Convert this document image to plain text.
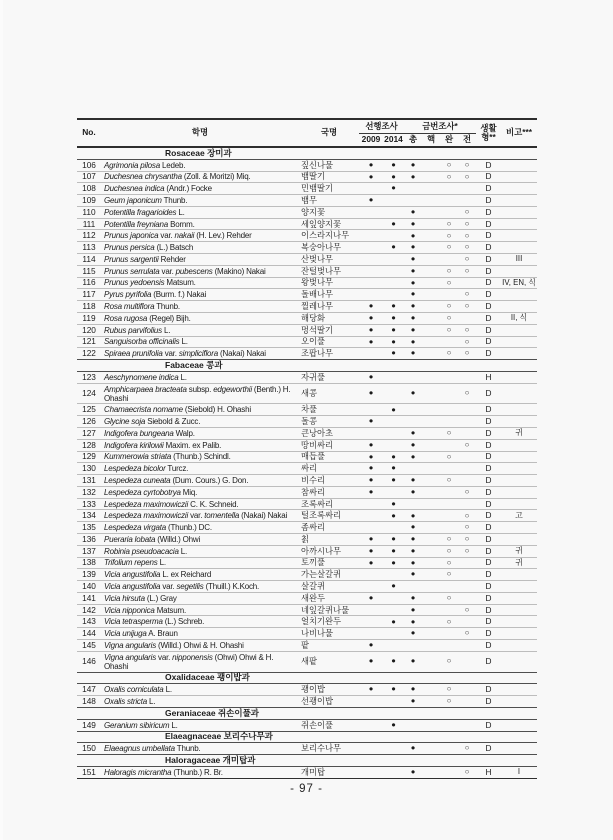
No.	학명	국명	선행조사		금번조사*				생활
형**	비고***
			2009	2014	총	핵	완	전		
Rosaceae 장미과										
106	Agrimonia pilosa Ledeb.	짚신나물	●	●	●		○	○	D	
107	Duchesnea chrysantha (Zoll. & Moritzi) Miq.	뱀딸기	●	●	●		○	○	D	
108	Duchesnea indica (Andr.) Focke	민뱀딸기		●					D	
109	Geum japonicum Thunb.	뱀무	●						D	
110	Potentilla fragarioides L.	양지꽃			●			○	D	
111	Potentilla freyniana Bornm.	세잎양지꽃		●	●		○	○	D	
112	Prunus japonica var. nakaii (H. Lev.) Rehder	이스라지나무			●		○	○	D	
113	Prunus persica (L.) Batsch	복숭아나무		●	●		○	○	D	
114	Prunus sargentii Rehder	산벚나무			●			○	D	III
115	Prunus serrulata var. pubescens (Makino) Nakai	잔털벚나무			●		○	○	D	
116	Prunus yedoensis Matsum.	왕벚나무			●		○		D	IV, EN, 식
117	Pyrus pyrifolia (Burm. f.) Nakai	돌배나무			●			○	D	
118	Rosa multiflora Thunb.	찔레나무	●	●	●		○	○	D	
119	Rosa rugosa (Regel) Bijh.	해당화	●	●	●		○		D	II, 식
120	Rubus parvifolius L.	멍석딸기	●	●	●		○	○	D	
121	Sanguisorba officinalis L.	오이풀	●	●	●			○	D	
122	Spiraea prunifolia var. simpliciflora (Nakai) Nakai	조팝나무		●	●		○	○	D	
Fabaceae 콩과										
123	Aeschynomene indica L.	자귀풀	●						H	
124	Amphicarpaea bracteata subsp. edgeworthii (Benth.) H. Ohashi	새콩	●		●			○	D	
125	Chamaecrista nomame (Siebold) H. Ohashi	차풀		●					D	
126	Glycine soja Siebold & Zucc.	돌콩	●						D	
127	Indigofera bungeana Walp.	큰낭아초			●		○		D	귀
128	Indigofera kirilowii Maxim. ex Palib.	땅비싸리	●		●			○	D	
129	Kummerowia striata (Thunb.) Schindl.	매듭풀	●	●	●		○		D	
130	Lespedeza bicolor Turcz.	싸리	●	●					D	
131	Lespedeza cuneata (Dum. Cours.) G. Don.	비수리	●	●	●		○		D	
132	Lespedeza cyrtobotrya Miq.	참싸리	●		●			○	D	
133	Lespedeza maximowiczii C. K. Schneid.	조록싸리		●					D	
134	Lespedeza maximowiczii var. tomentella (Nakai) Nakai	털조록싸리		●	●			○	D	고
135	Lespedeza virgata (Thunb.) DC.	좀싸리			●			○	D	
136	Pueraria lobata (Willd.) Ohwi	칡	●	●	●		○	○	D	
137	Robinia pseudoacacia L.	아까시나무	●	●	●		○	○	D	귀
138	Trifolium repens L.	토끼풀	●	●	●		○		D	귀
139	Vicia angustifolia L. ex Reichard	가는살갈퀴			●		○		D	
140	Vicia angustifolia var. segetilis (Thuill.) K.Koch.	살갈퀴		●					D	
141	Vicia hirsuta (L.) Gray	새완두	●		●		○		D	
142	Vicia nipponica Matsum.	네잎갈퀴나물			●			○	D	
143	Vicia tetrasperma (L.) Schreb.	얼치기완두		●	●		○		D	
144	Vicia unijuga A. Braun	나비나물			●			○	D	
145	Vigna angularis (Willd.) Ohwi & H. Ohashi	팥	●						D	
146	Vigna angularis var. nipponensis (Ohwi) Ohwi & H. Ohashi	새팥	●	●	●		○		D	
Oxalidaceae 괭이밥과										
147	Oxalis corniculata L.	괭이밥	●	●	●		○		D	
148	Oxalis stricta L.	선괭이밥			●		○		D	
Geraniaceae 쥐손이풀과										
149	Geranium sibiricum L.	쥐손이풀		●					D	
Elaeagnaceae 보리수나무과										
150	Elaeagnus umbellata Thunb.	보리수나무			●			○	D	
Haloragaceae 개미탑과										
151	Haloragis micrantha (Thunb.) R. Br.	개미탑			●			○	H	I
- 97 -
